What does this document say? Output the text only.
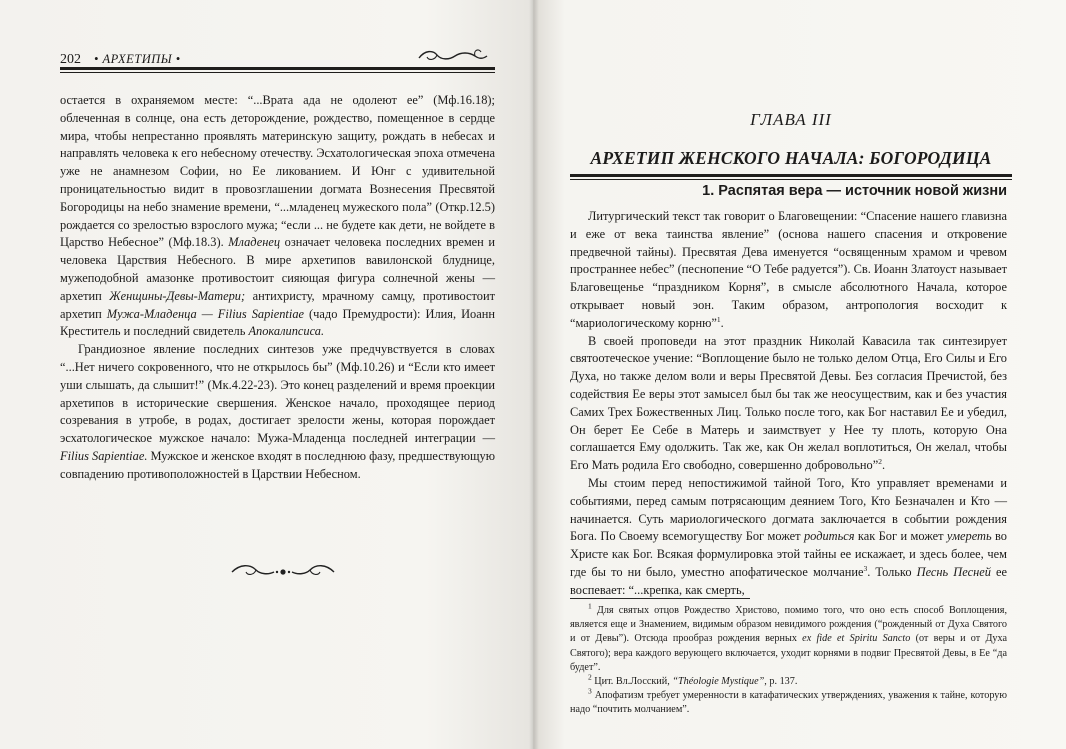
202 • АРХЕТИПЫ •

остается в охраняемом месте: “...Врата ада не одолеют ее” (Мф.16.18); облеченная в солнце, она есть деторождение, рождество, помещенное в сердце мира, чтобы непрестанно проявлять материнскую защиту, рождать в небесах и направлять человека к его небесному отечеству. Эсхатологическая эпоха отмечена уже не анамнезом Софии, но Ее ликованием. И Юнг с удивительной проницательностью видит в провозглашении догмата Вознесения Пресвятой Богородицы на небо знамение времени, “...младенец мужеского пола” (Откр.12.5) рождается со зрелостью взрослого мужа; “если ... не будете как дети, не войдете в Царство Небесное” (Мф.18.3). Младенец означает человека последних времен и человека Царствия Небесного. В мире архетипов вавилонской блуднице, мужеподобной амазонке противостоит сияющая фигура солнечной жены — архетип Женщины-Девы-Матери; антихристу, мрачному самцу, противостоит архетип Мужа-Младенца — Filius Sapientiae (чадо Премудрости): Илия, Иоанн Креститель и последний свидетель Апокалипсиса.

Грандиозное явление последних синтезов уже предчувствуется в словах “...Нет ничего сокровенного, что не открылось бы” (Мф.10.26) и “Если кто имеет уши слышать, да слышит!” (Мк.4.22-23). Это конец разделений и время проекции архетипов в исторические свершения. Женское начало, проходящее период созревания в утробе, в родах, достигает зрелости жены, которая порождает эсхатологическое мужское начало: Мужа-Младенца последней интеграции — Filius Sapientiae. Мужское и женское входят в последнюю фазу, предшествующую совпадению противоположностей в Царствии Небесном.

ГЛАВА III
АРХЕТИП ЖЕНСКОГО НАЧАЛА: БОГОРОДИЦА
1. Распятая вера — источник новой жизни

Литургический текст так говорит о Благовещении: “Спасение нашего главизна и еже от века таинства явление” (основа нашего спасения и откровение предвечной тайны). Пресвятая Дева именуется “освященным храмом и чревом пространнее небес” (песнопение “О Тебе радуется”). Св. Иоанн Златоуст называет Благовещенье “праздником Корня”, в смысле абсолютного Начала, которое открывает новый эон. Таким образом, антропология восходит к “мариологическому корню”$^1$.

В своей проповеди на этот праздник Николай Кавасила так синтезирует святоотеческое учение: “Воплощение было не только делом Отца, Его Силы и Его Духа, но также делом воли и веры Пресвятой Девы. Без согласия Пречистой, без содействия Ее веры этот замысел был бы так же неосуществим, как и без участия Самих Трех Божественных Лиц. Только после того, как Бог наставил Ее и убедил, Он берет Ее Себе в Матерь и заимствует у Нее ту плоть, которую Она соглашается Ему одолжить. Так же, как Он желал воплотиться, Он желал, чтобы Его Мать родила Его свободно, совершенно добровольно”$^2$.

Мы стоим перед непостижимой тайной Того, Кто управляет временами и событиями, перед самым потрясающим деянием Того, Кто Безначален и Кто — начинается. Суть мариологического догмата заключается в событии рождения Бога. По Своему всемогуществу Бог может родиться как Бог и может умереть во Христе как Бог. Всякая формулировка этой тайны ее искажает, и здесь более, чем где бы то ни было, уместно апофатическое молчание$^3$. Только Песнь Песней ее воспевает: “...крепка, как смерть,

$^1$ Для святых отцов Рождество Христово, помимо того, что оно есть способ Воплощения, является еще и Знамением, видимым образом невидимого рождения (“рожденный от Духа Святого и от Девы”). Отсюда прообраз рождения верных ex fide et Spiritu Sancto (от веры и от Духа Святого); вера каждого верующего включается, уходит корнями в подвиг Пресвятой Девы, в Ее “да будет”.

$^2$ Цит. Вл.Лосский, “Théologie Mystique”, p. 137.

$^3$ Апофатизм требует умеренности в катафатических утверждениях, уважения к тайне, которую надо “почтить молчанием”.
